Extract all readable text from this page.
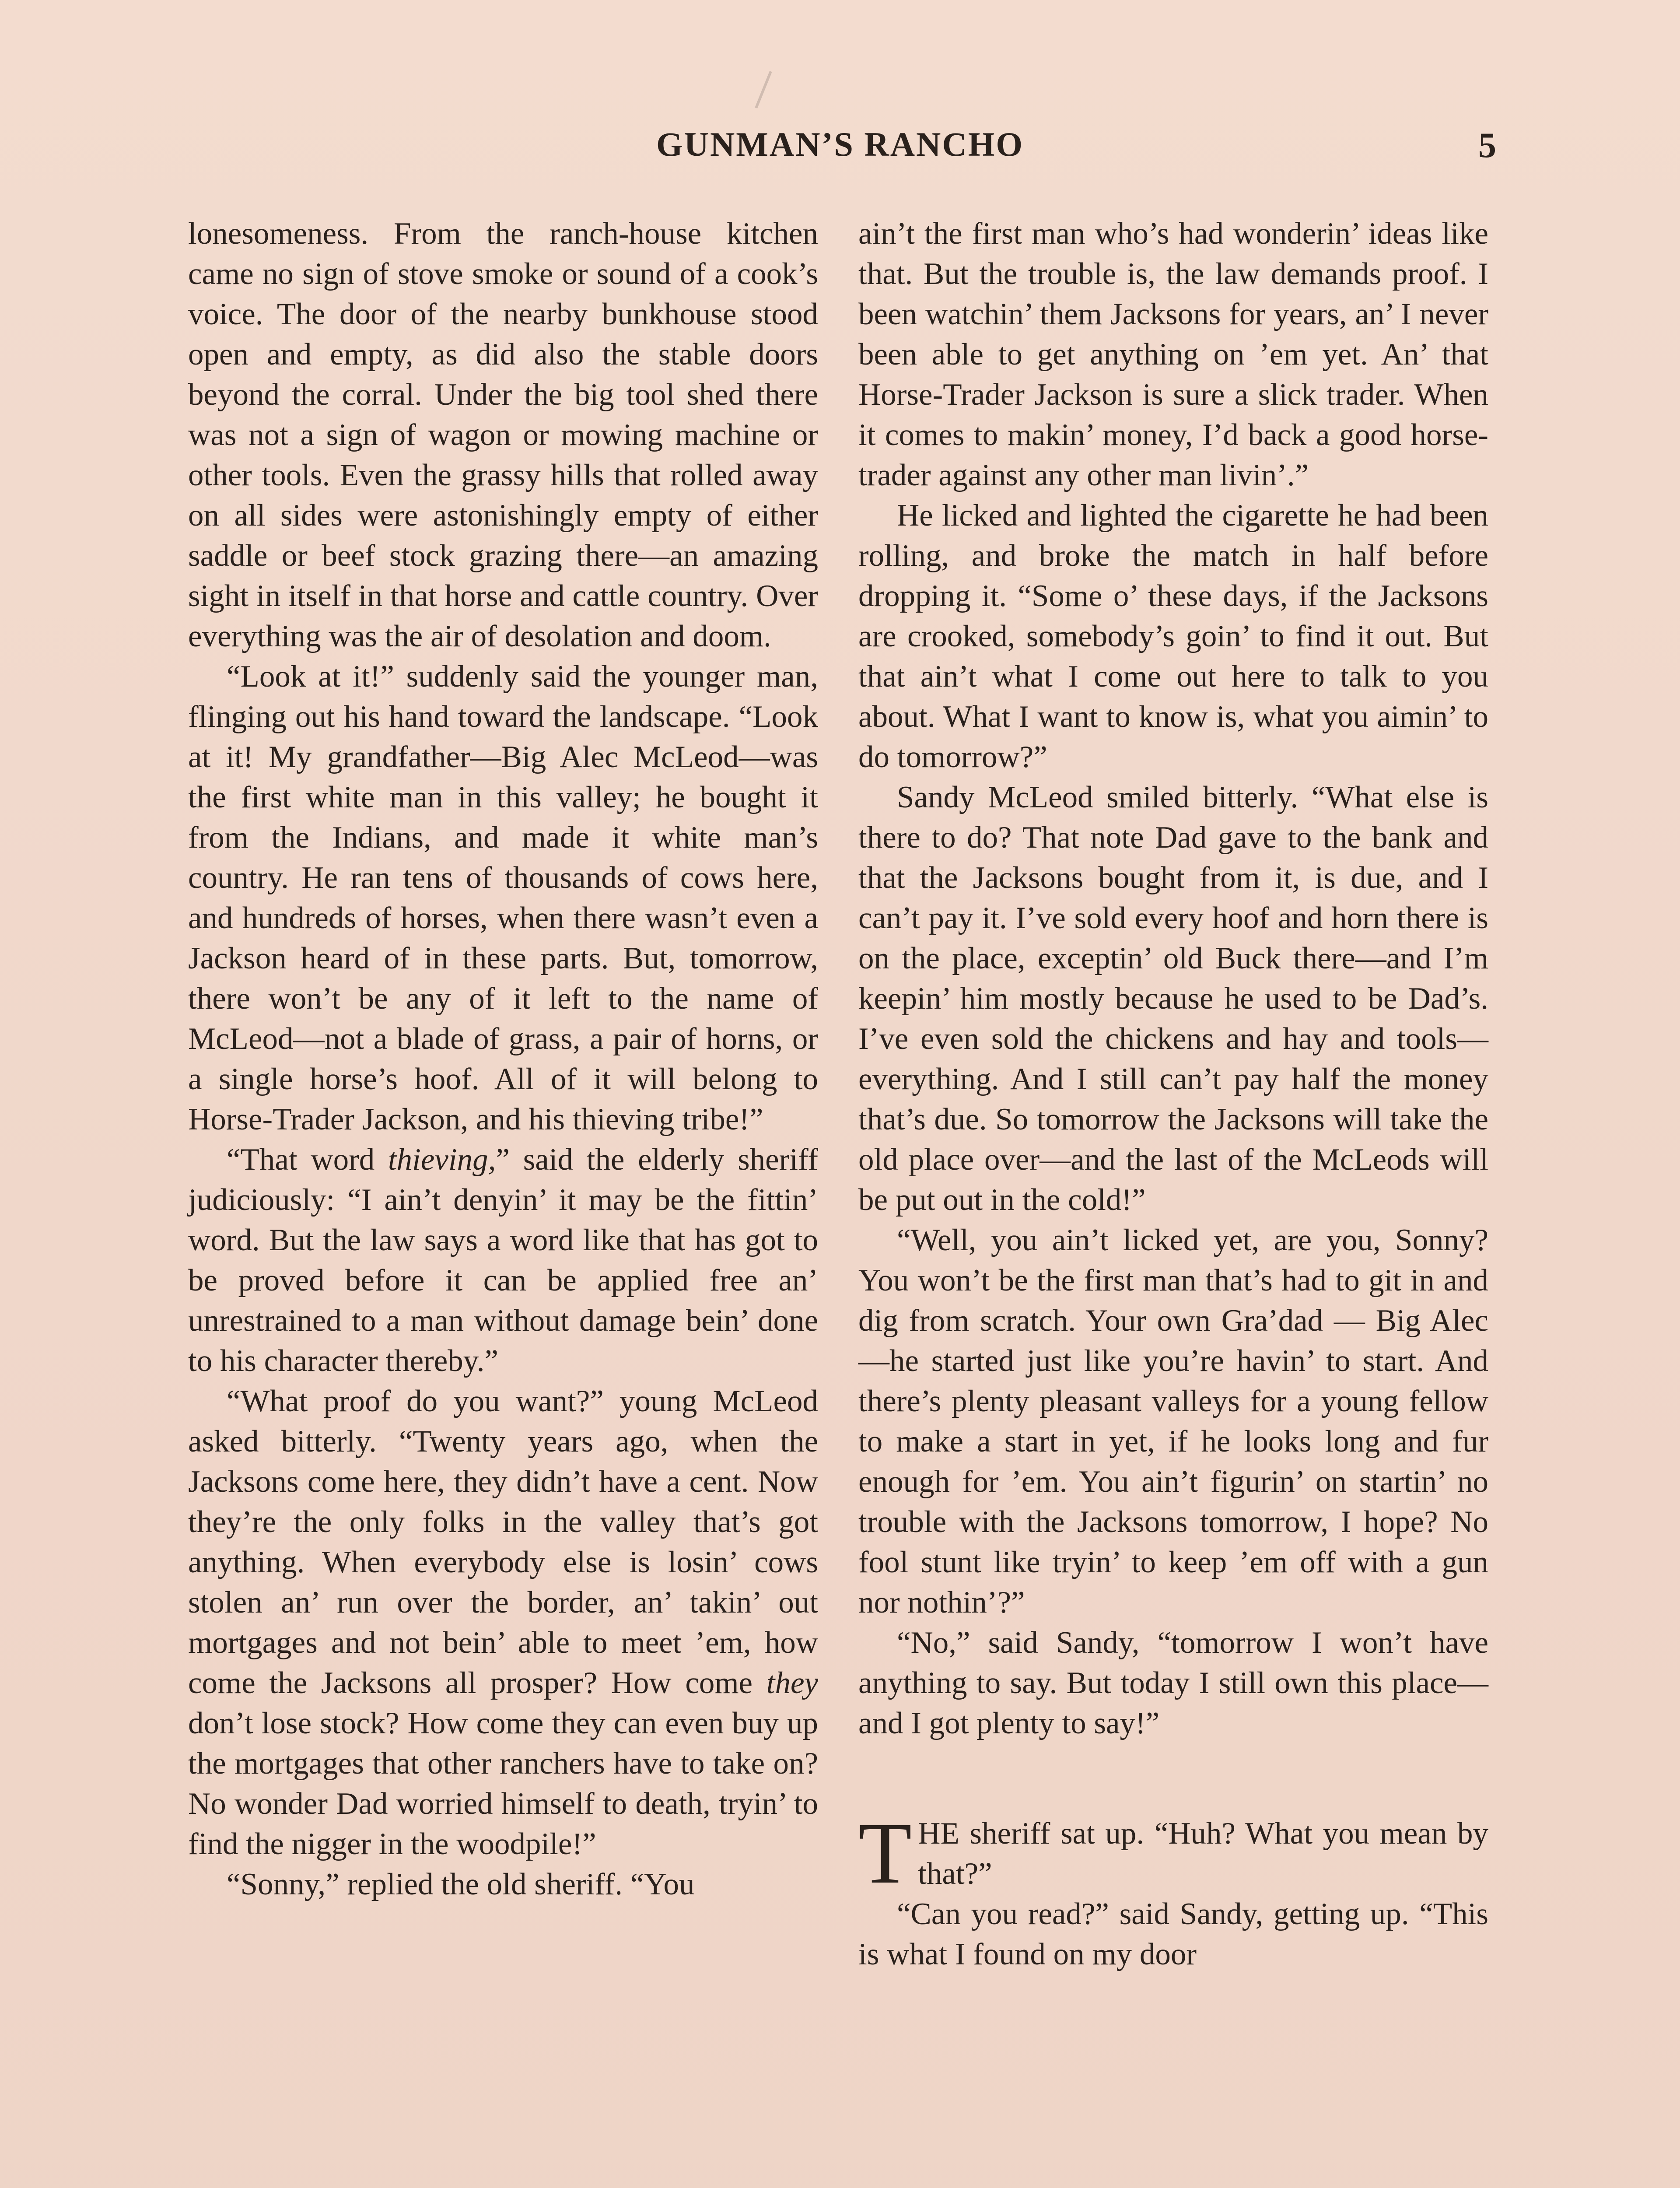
GUNMAN’S RANCHO	5

lonesomeness. From the ranch-house kitchen came no sign of stove smoke or sound of a cook’s voice. The door of the nearby bunkhouse stood open and empty, as did also the stable doors beyond the corral. Under the big tool shed there was not a sign of wagon or mowing machine or other tools. Even the grassy hills that rolled away on all sides were astonishingly empty of either saddle or beef stock grazing there—an amazing sight in itself in that horse and cattle country. Over everything was the air of desolation and doom.

“Look at it!” suddenly said the younger man, flinging out his hand toward the landscape. “Look at it! My grandfather—Big Alec McLeod—was the first white man in this valley; he bought it from the Indians, and made it white man’s country. He ran tens of thousands of cows here, and hundreds of horses, when there wasn’t even a Jackson heard of in these parts. But, tomorrow, there won’t be any of it left to the name of McLeod—not a blade of grass, a pair of horns, or a single horse’s hoof. All of it will belong to Horse-Trader Jackson, and his thieving tribe!”

“That word thieving,” said the elderly sheriff judiciously: “I ain’t denyin’ it may be the fittin’ word. But the law says a word like that has got to be proved before it can be applied free an’ unrestrained to a man without damage bein’ done to his character thereby.”

“What proof do you want?” young McLeod asked bitterly. “Twenty years ago, when the Jacksons come here, they didn’t have a cent. Now they’re the only folks in the valley that’s got anything. When everybody else is losin’ cows stolen an’ run over the border, an’ takin’ out mortgages and not bein’ able to meet ’em, how come the Jacksons all prosper? How come they don’t lose stock? How come they can even buy up the mortgages that other ranchers have to take on? No wonder Dad worried himself to death, tryin’ to find the nigger in the woodpile!”

“Sonny,” replied the old sheriff. “You

ain’t the first man who’s had wonderin’ ideas like that. But the trouble is, the law demands proof. I been watchin’ them Jacksons for years, an’ I never been able to get anything on ’em yet. An’ that Horse-Trader Jackson is sure a slick trader. When it comes to makin’ money, I’d back a good horse-trader against any other man livin’.”

He licked and lighted the cigarette he had been rolling, and broke the match in half before dropping it. “Some o’ these days, if the Jacksons are crooked, somebody’s goin’ to find it out. But that ain’t what I come out here to talk to you about. What I want to know is, what you aimin’ to do tomorrow?”

Sandy McLeod smiled bitterly. “What else is there to do? That note Dad gave to the bank and that the Jacksons bought from it, is due, and I can’t pay it. I’ve sold every hoof and horn there is on the place, exceptin’ old Buck there—and I’m keepin’ him mostly because he used to be Dad’s. I’ve even sold the chickens and hay and tools—everything. And I still can’t pay half the money that’s due. So tomorrow the Jacksons will take the old place over—and the last of the McLeods will be put out in the cold!”

“Well, you ain’t licked yet, are you, Sonny? You won’t be the first man that’s had to git in and dig from scratch. Your own Gra’dad — Big Alec—he started just like you’re havin’ to start. And there’s plenty pleasant valleys for a young fellow to make a start in yet, if he looks long and fur enough for ’em. You ain’t figurin’ on startin’ no trouble with the Jacksons tomorrow, I hope? No fool stunt like tryin’ to keep ’em off with a gun nor nothin’?”

“No,” said Sandy, “tomorrow I won’t have anything to say. But today I still own this place—and I got plenty to say!”

THE sheriff sat up. “Huh? What you mean by that?”

“Can you read?” said Sandy, getting up. “This is what I found on my door
